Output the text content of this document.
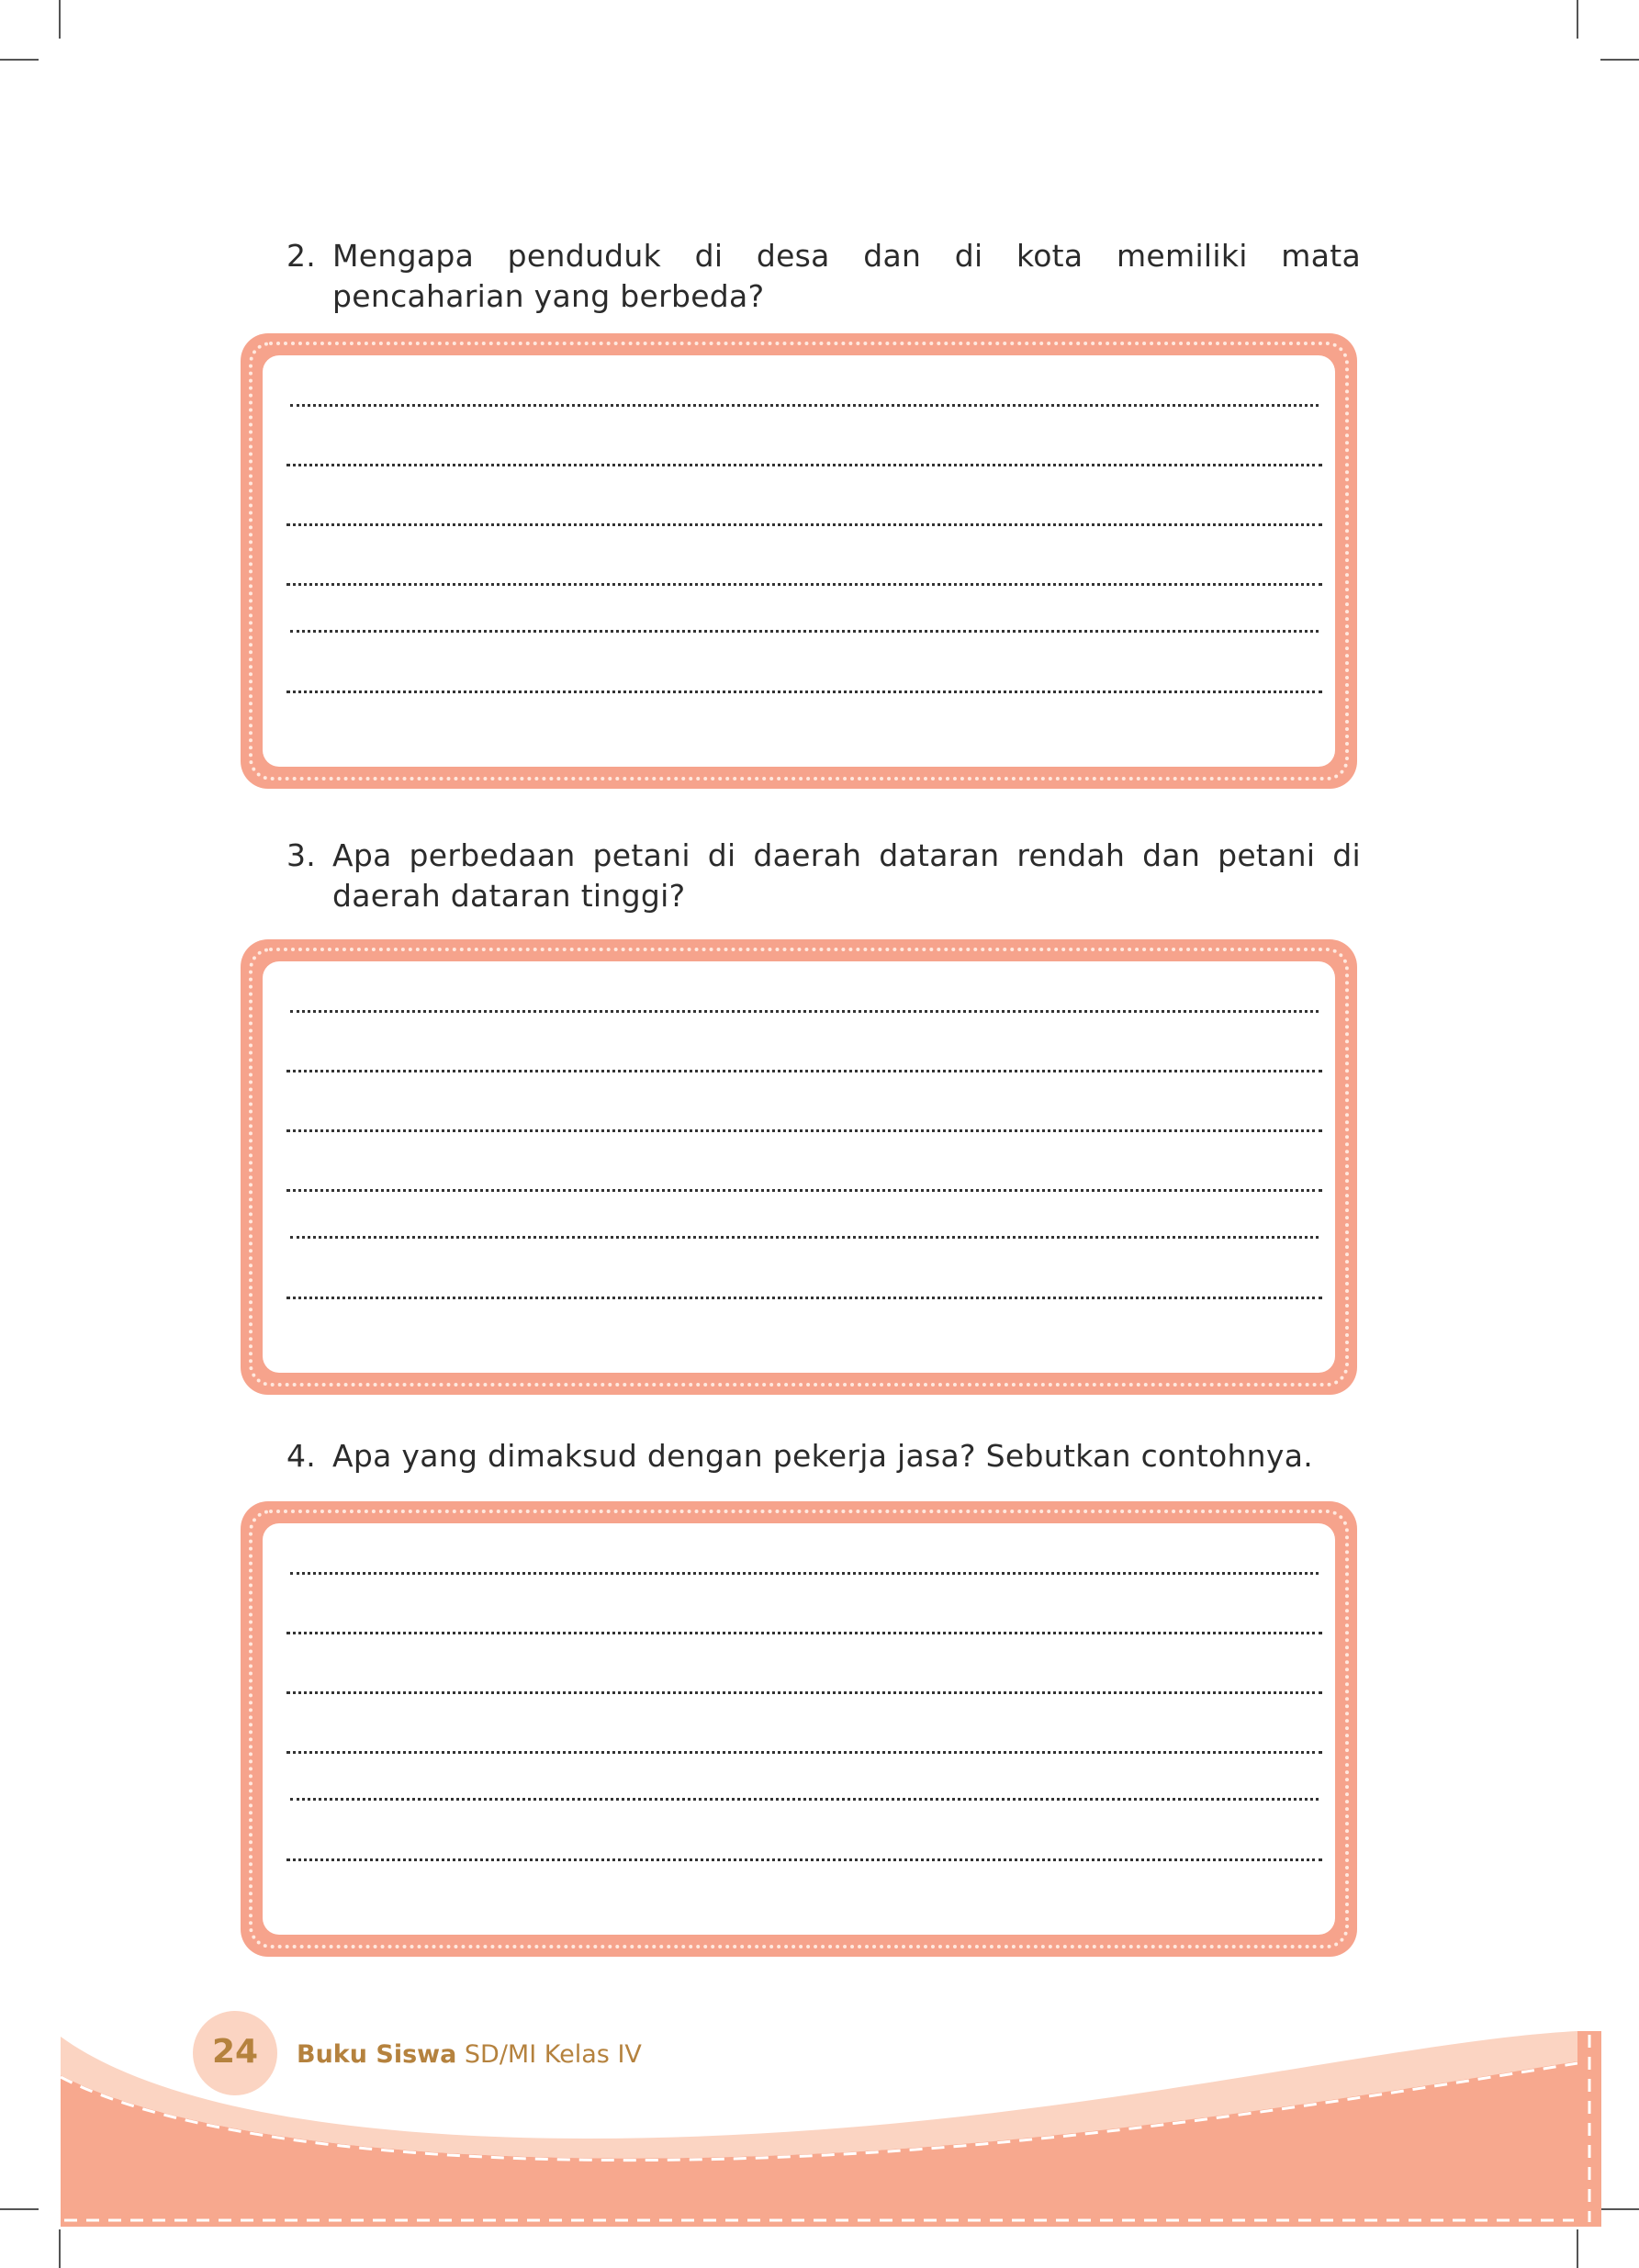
2. Mengapa penduduk di desa dan di kota memiliki mata pencaharian yang berbeda?
3. Apa perbedaan petani di daerah dataran rendah dan petani di daerah dataran tinggi?
4. Apa yang dimaksud dengan pekerja jasa? Sebutkan contohnya.
24	Buku Siswa SD/MI Kelas IV
